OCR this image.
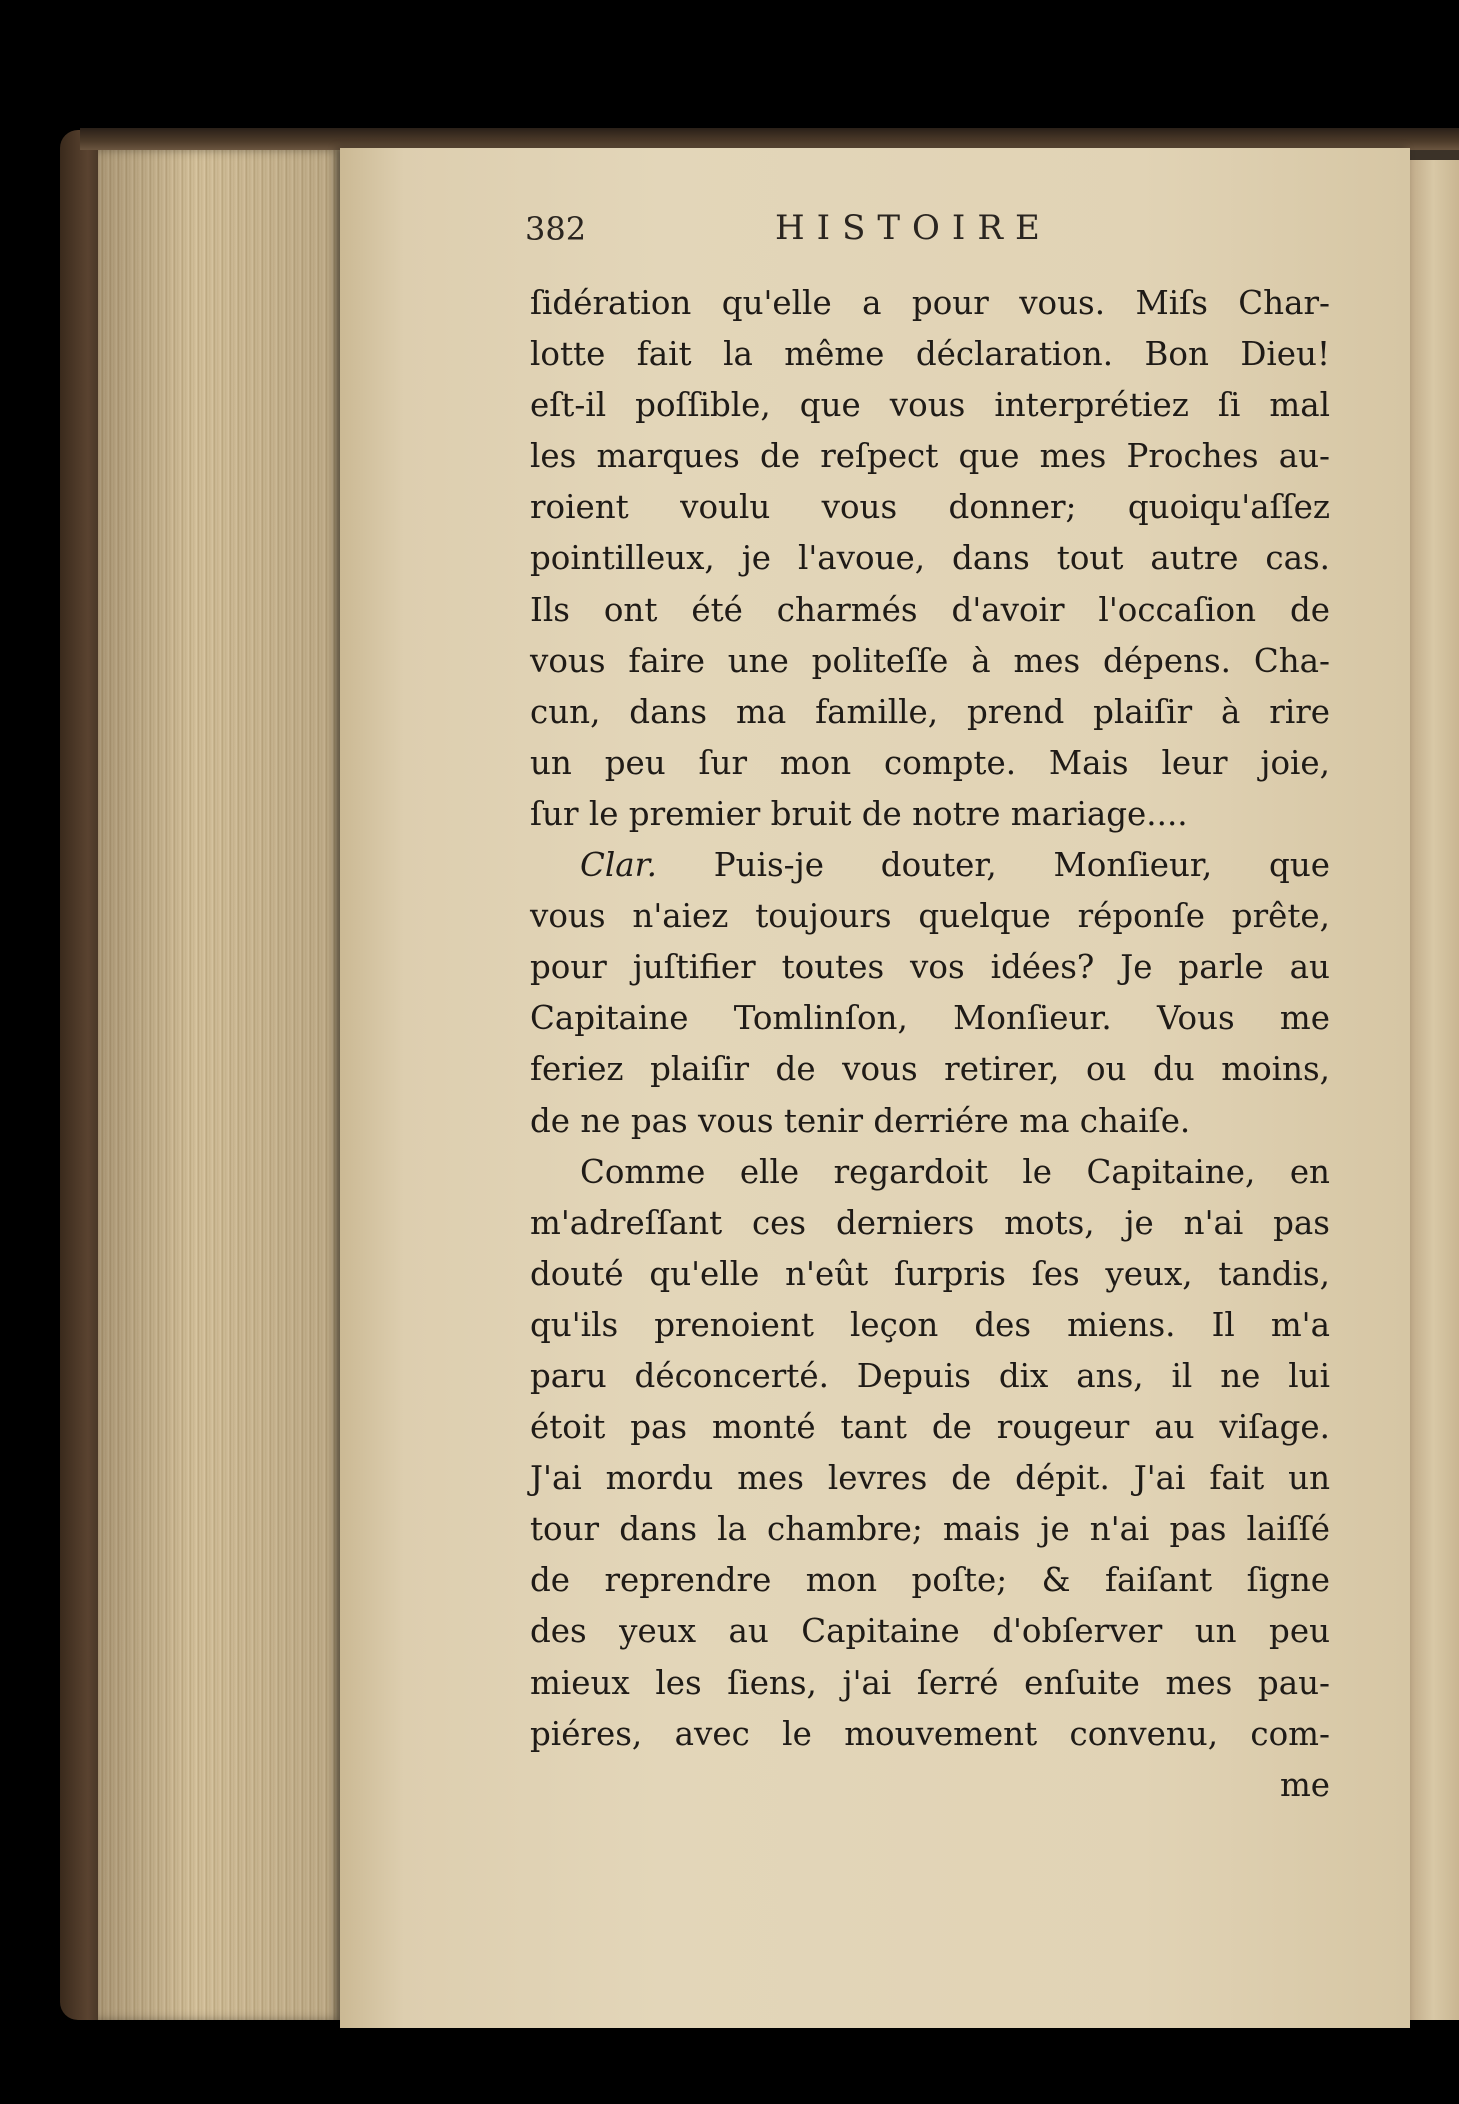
382	HISTOIRE
ſidération qu'elle a pour vous. Miſs Char-
lotte fait la même déclaration. Bon Dieu!
eſt-il poſſible, que vous interprétiez ſi mal
les marques de reſpect que mes Proches au-
roient voulu vous donner; quoiqu'aſſez
pointilleux, je l'avoue, dans tout autre cas.
Ils ont été charmés d'avoir l'occaſion de
vous faire une politeſſe à mes dépens. Cha-
cun, dans ma famille, prend plaiſir à rire
un peu ſur mon compte. Mais leur joie,
ſur le premier bruit de notre mariage....
Clar. Puis-je douter, Monſieur, que
vous n'aiez toujours quelque réponſe prête,
pour juſtifier toutes vos idées? Je parle au
Capitaine Tomlinſon, Monſieur. Vous me
feriez plaiſir de vous retirer, ou du moins,
de ne pas vous tenir derriére ma chaiſe.
Comme elle regardoit le Capitaine, en
m'adreſſant ces derniers mots, je n'ai pas
douté qu'elle n'eût ſurpris ſes yeux, tandis,
qu'ils prenoient leçon des miens. Il m'a
paru déconcerté. Depuis dix ans, il ne lui
étoit pas monté tant de rougeur au viſage.
J'ai mordu mes levres de dépit. J'ai fait un
tour dans la chambre; mais je n'ai pas laiſſé
de reprendre mon poſte; & faiſant ſigne
des yeux au Capitaine d'obſerver un peu
mieux les ſiens, j'ai ſerré enſuite mes pau-
piéres, avec le mouvement convenu, com-
me
